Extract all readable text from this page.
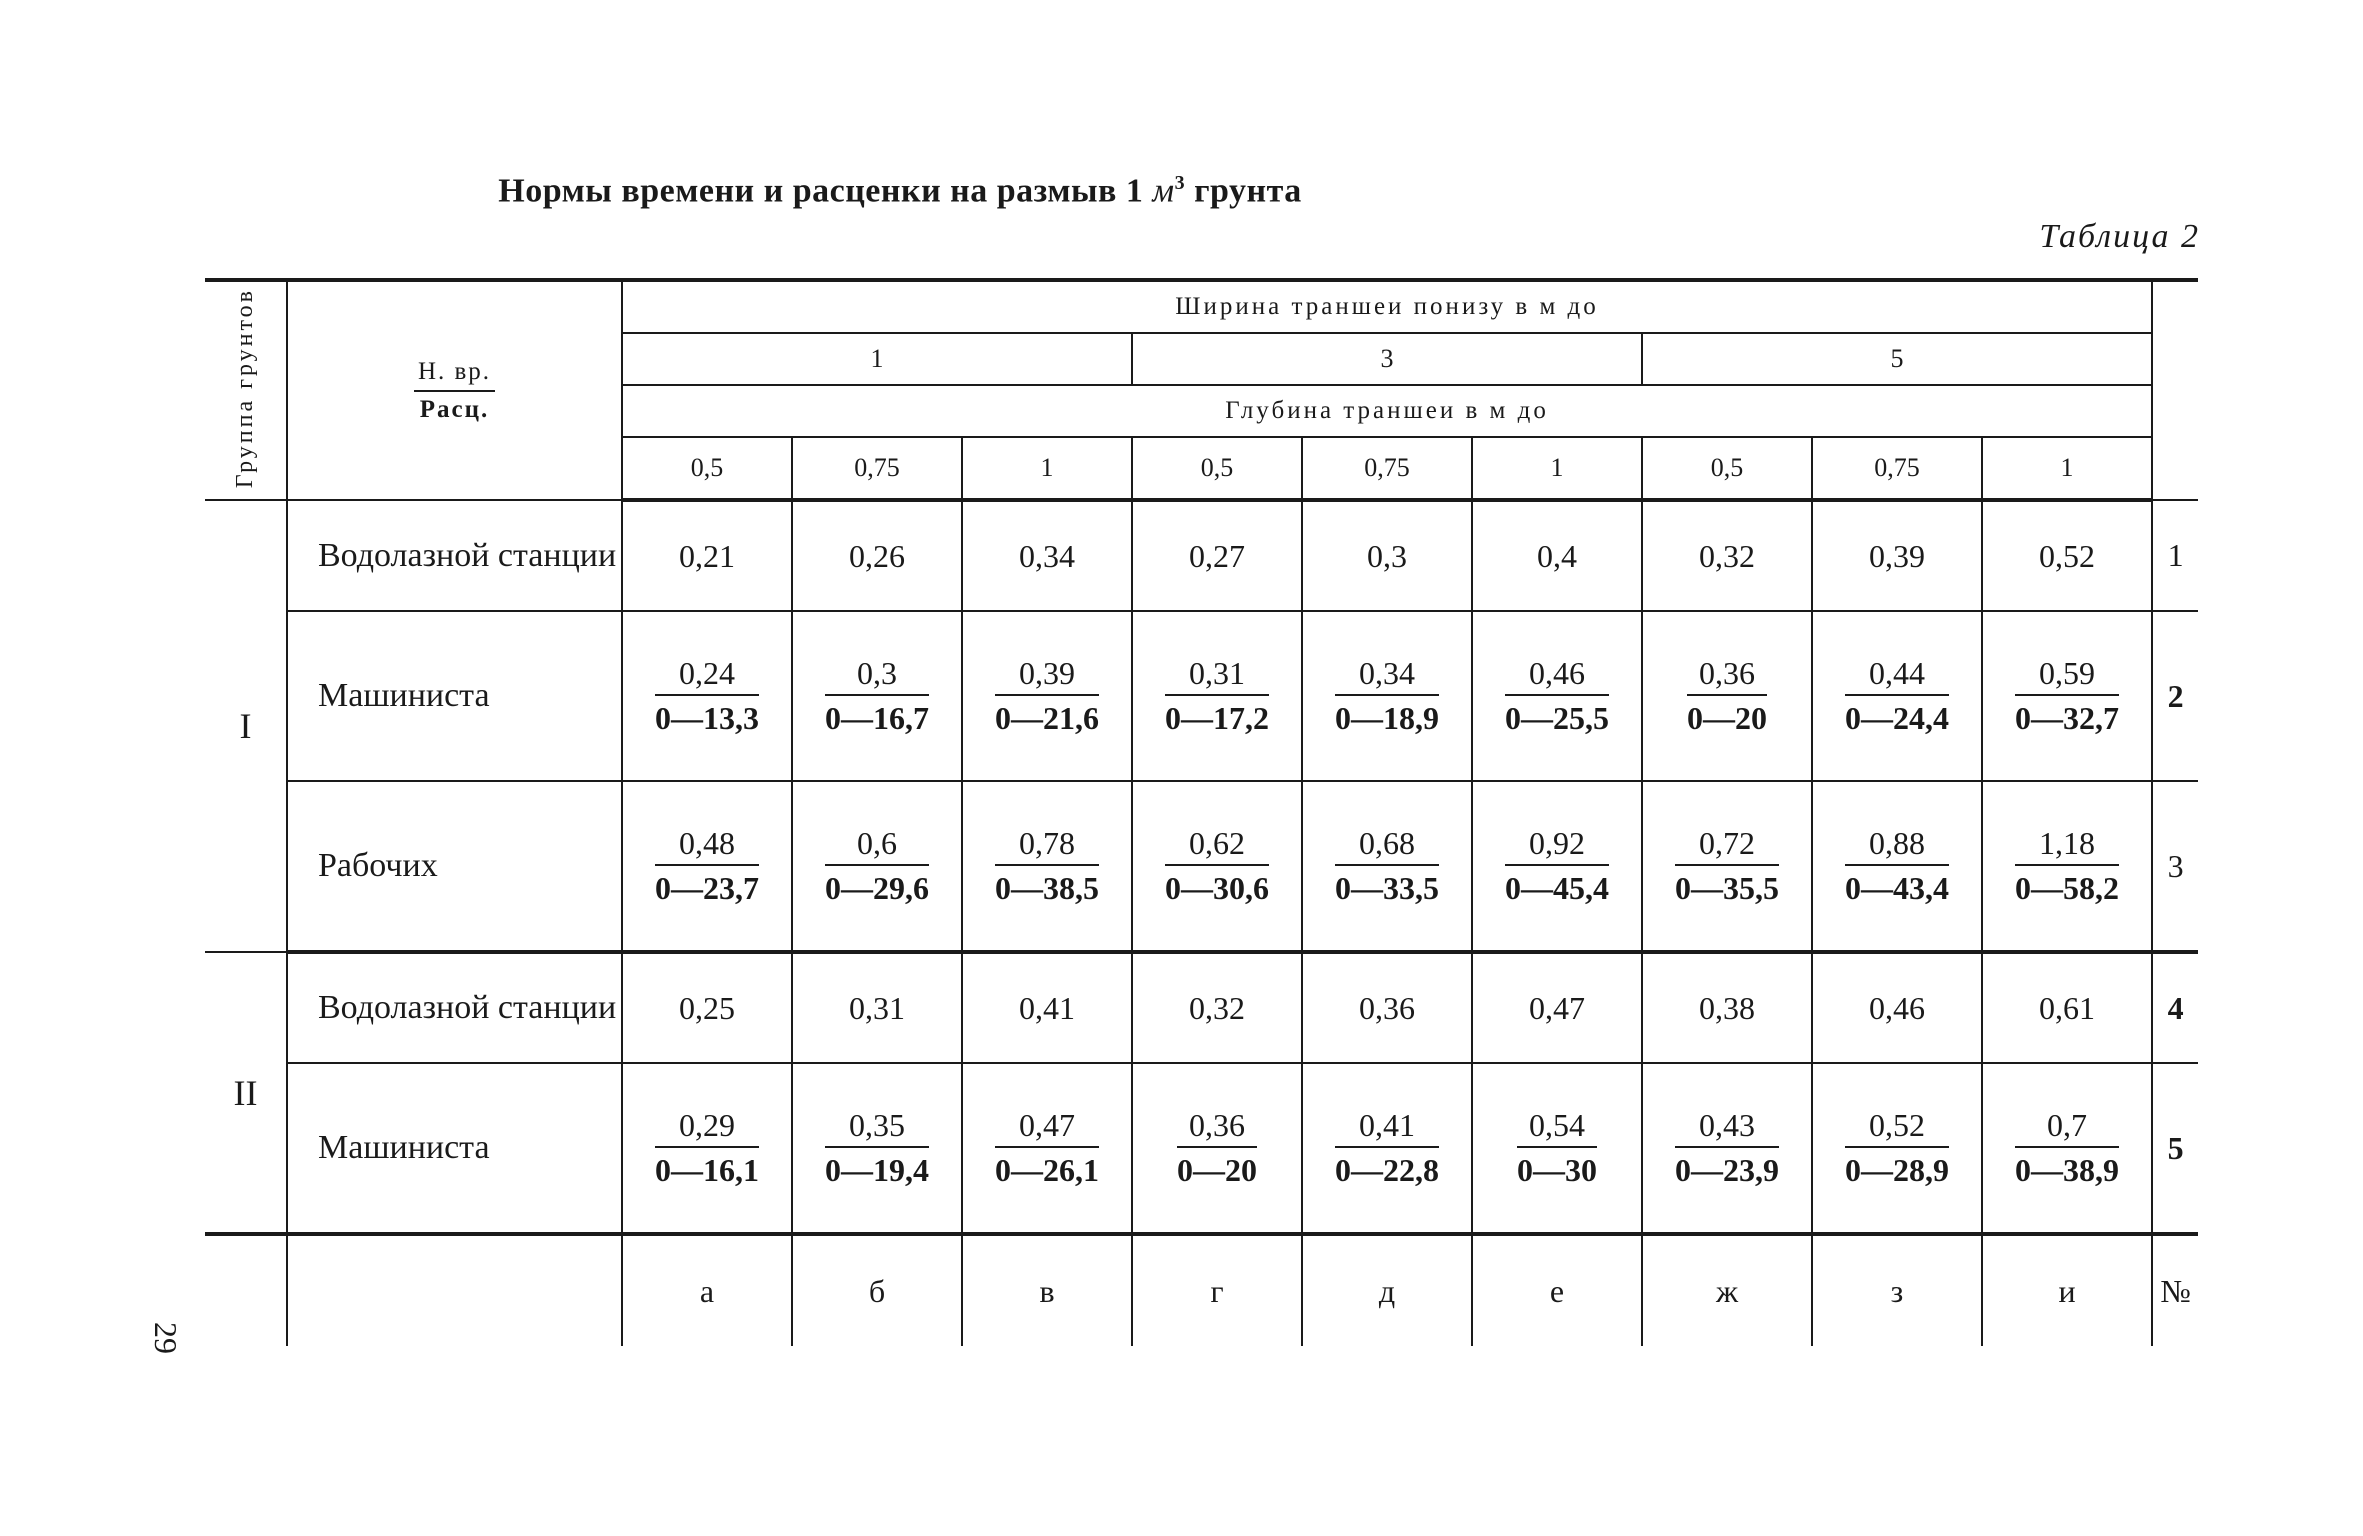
Нормы времени и расценки на размыв 1 $м^3$ грунта
Таблица 2
29
Группа грунтов	$\frac{Н. вр.}{\text{Расц.}}$	Ширина траншеи понизу в м до									
		1			3			5			
		Глубина траншеи в м до									
		0,5	0,75	1	0,5	0,75	1	0,5	0,75	1	
I	Водолазной станции	0,21	0,26	0,34	0,27	0,3	0,4	0,32	0,39	0,52	1
	Машиниста	$\frac{0,24}{0—13,3}$	$\frac{0,3}{0—16,7}$	$\frac{0,39}{0—21,6}$	$\frac{0,31}{0—17,2}$	$\frac{0,34}{0—18,9}$	$\frac{0,46}{0—25,5}$	$\frac{0,36}{0—20}$	$\frac{0,44}{0—24,4}$	$\frac{0,59}{0—32,7}$	2
	Рабочих	$\frac{0,48}{0—23,7}$	$\frac{0,6}{0—29,6}$	$\frac{0,78}{0—38,5}$	$\frac{0,62}{0—30,6}$	$\frac{0,68}{0—33,5}$	$\frac{0,92}{0—45,4}$	$\frac{0,72}{0—35,5}$	$\frac{0,88}{0—43,4}$	$\frac{1,18}{0—58,2}$	3
II	Водолазной станции	0,25	0,31	0,41	0,32	0,36	0,47	0,38	0,46	0,61	4
	Машиниста	$\frac{0,29}{0—16,1}$	$\frac{0,35}{0—19,4}$	$\frac{0,47}{0—26,1}$	$\frac{0,36}{0—20}$	$\frac{0,41}{0—22,8}$	$\frac{0,54}{0—30}$	$\frac{0,43}{0—23,9}$	$\frac{0,52}{0—28,9}$	$\frac{0,7}{0—38,9}$	5
		а	б	в	г	д	е	ж	з	и	№
